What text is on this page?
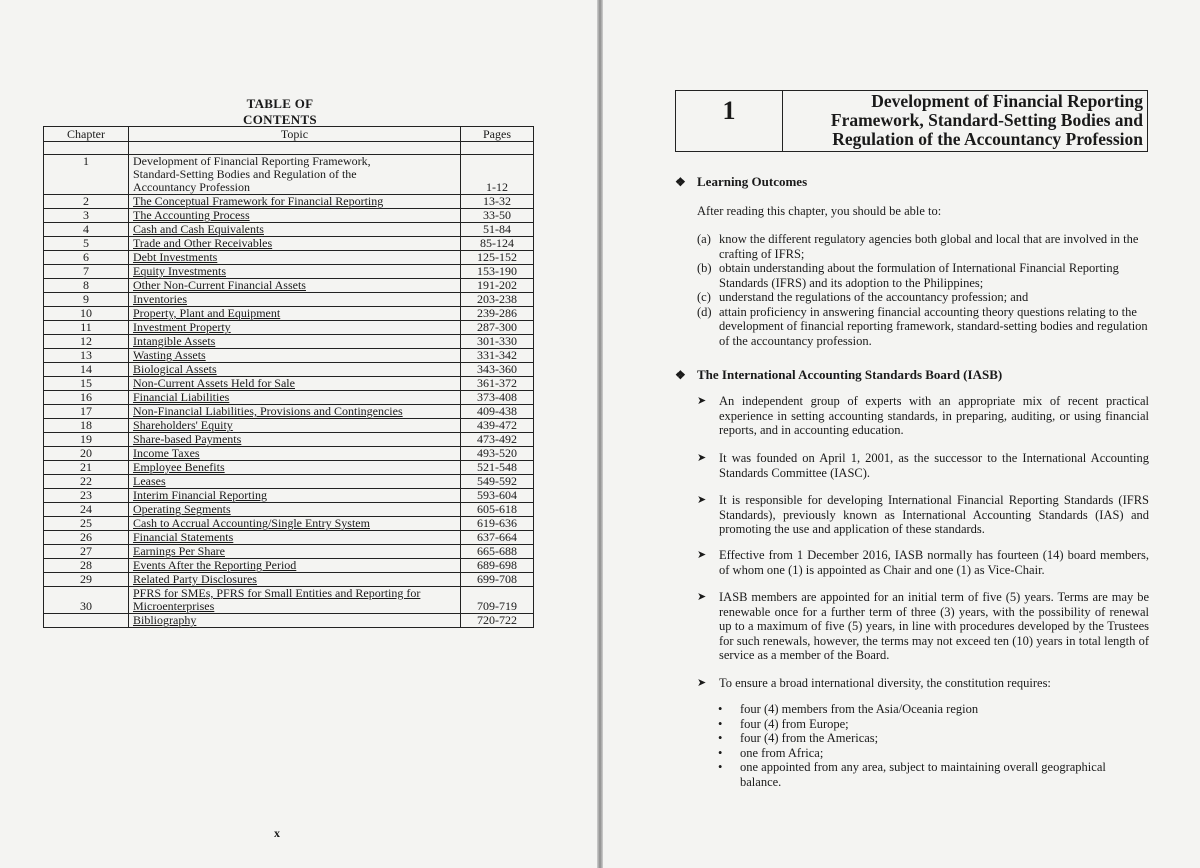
TABLE OF CONTENTS
Chapter	Topic	Pages

1	Development of Financial Reporting Framework, Standard-Setting Bodies and Regulation of the Accountancy Profession	1-12
2	The Conceptual Framework for Financial Reporting	13-32
3	The Accounting Process	33-50
4	Cash and Cash Equivalents	51-84
5	Trade and Other Receivables	85-124
6	Debt Investments	125-152
7	Equity Investments	153-190
8	Other Non-Current Financial Assets	191-202
9	Inventories	203-238
10	Property, Plant and Equipment	239-286
11	Investment Property	287-300
12	Intangible Assets	301-330
13	Wasting Assets	331-342
14	Biological Assets	343-360
15	Non-Current Assets Held for Sale	361-372
16	Financial Liabilities	373-408
17	Non-Financial Liabilities, Provisions and Contingencies	409-438
18	Shareholders' Equity	439-472
19	Share-based Payments	473-492
20	Income Taxes	493-520
21	Employee Benefits	521-548
22	Leases	549-592
23	Interim Financial Reporting	593-604
24	Operating Segments	605-618
25	Cash to Accrual Accounting/Single Entry System	619-636
26	Financial Statements	637-664
27	Earnings Per Share	665-688
28	Events After the Reporting Period	689-698
29	Related Party Disclosures	699-708
30	PFRS for SMEs, PFRS for Small Entities and Reporting for Microenterprises	709-719
	Bibliography	720-722
x
1	Development of Financial Reporting
Framework, Standard-Setting Bodies and
Regulation of the Accountancy Profession
❖ Learning Outcomes
After reading this chapter, you should be able to:
(a) know the different regulatory agencies both global and local that are involved in the crafting of IFRS;
(b) obtain understanding about the formulation of International Financial Reporting Standards (IFRS) and its adoption to the Philippines;
(c) understand the regulations of the accountancy profession; and
(d) attain proficiency in answering financial accounting theory questions relating to the development of financial reporting framework, standard-setting bodies and regulation of the accountancy profession.
❖ The International Accounting Standards Board (IASB)
➤	An independent group of experts with an appropriate mix of recent practical experience in setting accounting standards, in preparing, auditing, or using financial reports, and in accounting education.
➤	It was founded on April 1, 2001, as the successor to the International Accounting Standards Committee (IASC).
➤	It is responsible for developing International Financial Reporting Standards (IFRS Standards), previously known as International Accounting Standards (IAS) and promoting the use and application of these standards.
➤	Effective from 1 December 2016, IASB normally has fourteen (14) board members, of whom one (1) is appointed as Chair and one (1) as Vice-Chair.
➤	IASB members are appointed for an initial term of five (5) years. Terms are may be renewable once for a further term of three (3) years, with the possibility of renewal up to a maximum of five (5) years, in line with procedures developed by the Trustees for such renewals, however, the terms may not exceed ten (10) years in total length of service as a member of the Board.
➤	To ensure a broad international diversity, the constitution requires:
•	four (4) members from the Asia/Oceania region
•	four (4) from Europe;
•	four (4) from the Americas;
•	one from Africa;
•	one appointed from any area, subject to maintaining overall geographical balance.
